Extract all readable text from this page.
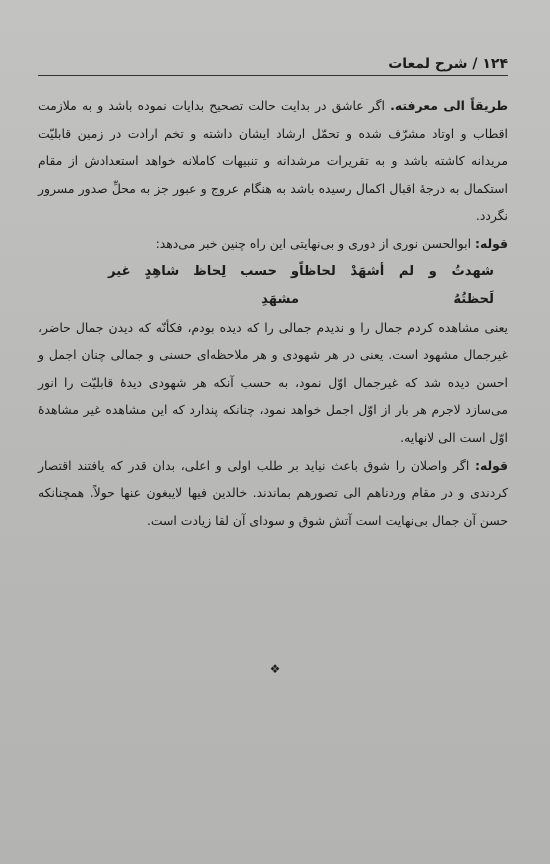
۱۲۴ / شرح لمعات

طریقاً الی معرفته. اگر عاشق در بدایت حالت تصحیح بدایات نموده باشد و به ملازمت اقطاب و اوتاد مشرّف شده و تحمّل ارشاد ایشان داشته و تخم ارادت در زمین قابلیّت مریدانه کاشته باشد و به تقریرات مرشدانه و تنبیهات کاملانه خواهد استعدادش از مقام استکمال به درجهٔ اقبال اکمال رسیده باشد به هنگام عروج و عبور جز به محلِّ صدور مسرور نگردد.

قوله: ابوالحسن نوری از دوری و بی‌نهایتی این راه چنین خبر می‌دهد:

شهدتُ و لم أشهَدْ لحاظاً لَحظتُهُ
و حسب لِحاظ شاهِدٍ غیر مشهَدِ

یعنی مشاهده کردم جمال را و ندیدم جمالی را که دیده بودم، فکأنّه که دیدن جمال حاضر، غیرجمال مشهود است. یعنی در هر شهودی و هر ملاحظه‌ای حسنی و جمالی چنان اجمل و احسن دیده شد که غیرجمال اوّل نمود، به حسب آنکه هر شهودی دیدهٔ قابلیّت را انور می‌سازد لاجرم هر بار از اوّل اجمل خواهد نمود، چنانکه پندارد که این مشاهده غیر مشاهدهٔ اوّل است الی لانهایه.

قوله: اگر واصلان را شوق باعث نیاید بر طلب اولی و اعلی، بدان قدر که یافتند اقتصار کردندی و در مقام وردناهم الی تصورهم بماندند. خالدین فیها لایبغون عنها حولاً. همچنانکه حسن آن جمال بی‌نهایت است آتش شوق و سودای آن لقا زیادت است.

❖
